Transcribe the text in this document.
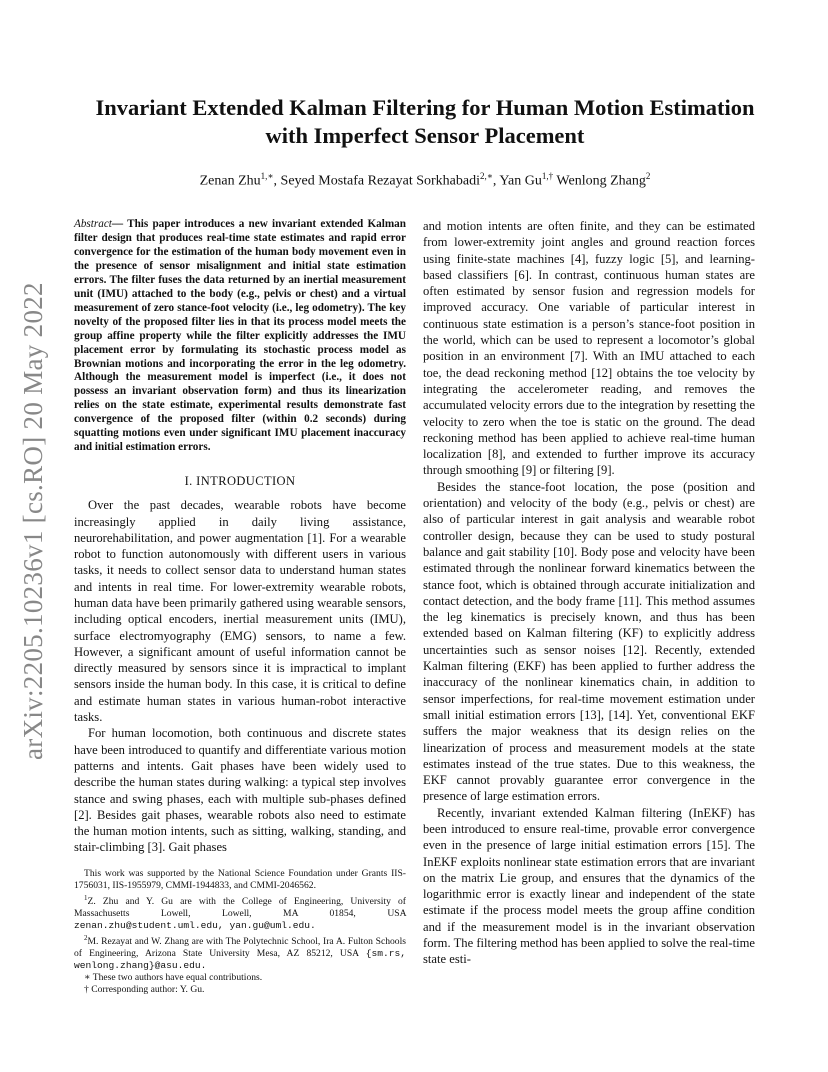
arXiv:2205.10236v1 [cs.RO] 20 May 2022
Invariant Extended Kalman Filtering for Human Motion Estimation
with Imperfect Sensor Placement
Zenan Zhu$^{1,∗}$, Seyed Mostafa Rezayat Sorkhabadi$^{2,∗}$, Yan $Gu^{1,\dagger}$ Wenlong Zhang$^2$

Abstract— This paper introduces a new invariant extended Kalman filter design that produces real-time state estimates and rapid error convergence for the estimation of the human body movement even in the presence of sensor misalignment and initial state estimation errors. The filter fuses the data returned by an inertial measurement unit (IMU) attached to the body (e.g., pelvis or chest) and a virtual measurement of zero stance-foot velocity (i.e., leg odometry). The key novelty of the proposed filter lies in that its process model meets the group affine property while the filter explicitly addresses the IMU placement error by formulating its stochastic process model as Brownian motions and incorporating the error in the leg odometry. Although the measurement model is imperfect (i.e., it does not possess an invariant observation form) and thus its linearization relies on the state estimate, experimental results demonstrate fast convergence of the proposed filter (within 0.2 seconds) during squatting motions even under significant IMU placement inaccuracy and initial estimation errors.

I. INTRODUCTION

Over the past decades, wearable robots have become increasingly applied in daily living assistance, neurorehabilitation, and power augmentation [1]. For a wearable robot to function autonomously with different users in various tasks, it needs to collect sensor data to understand human states and intents in real time. For lower-extremity wearable robots, human data have been primarily gathered using wearable sensors, including optical encoders, inertial measurement units (IMU), surface electromyography (EMG) sensors, to name a few. However, a significant amount of useful information cannot be directly measured by sensors since it is impractical to implant sensors inside the human body. In this case, it is critical to define and estimate human states in various human-robot interactive tasks.

For human locomotion, both continuous and discrete states have been introduced to quantify and differentiate various motion patterns and intents. Gait phases have been widely used to describe the human states during walking: a typical step involves stance and swing phases, each with multiple sub-phases defined [2]. Besides gait phases, wearable robots also need to estimate the human motion intents, such as sitting, walking, standing, and stair-climbing [3]. Gait phases

This work was supported by the National Science Foundation under Grants IIS-1756031, IIS-1955979, CMMI-1944833, and CMMI-2046562.

$^1$Z. Zhu and Y. Gu are with the College of Engineering, University of Massachusetts Lowell, Lowell, MA 01854, USA zenan.zhu@student.uml.edu, yan.gu@uml.edu.

$^2$M. Rezayat and W. Zhang are with The Polytechnic School, Ira A. Fulton Schools of Engineering, Arizona State University Mesa, AZ 85212, USA {sm.rs, wenlong.zhang}@asu.edu.

∗ These two authors have equal contributions.

† Corresponding author: Y. Gu.

and motion intents are often finite, and they can be estimated from lower-extremity joint angles and ground reaction forces using finite-state machines [4], fuzzy logic [5], and learning-based classifiers [6]. In contrast, continuous human states are often estimated by sensor fusion and regression models for improved accuracy. One variable of particular interest in continuous state estimation is a person’s stance-foot position in the world, which can be used to represent a locomotor’s global position in an environment [7]. With an IMU attached to each toe, the dead reckoning method [12] obtains the toe velocity by integrating the accelerometer reading, and removes the accumulated velocity errors due to the integration by resetting the velocity to zero when the toe is static on the ground. The dead reckoning method has been applied to achieve real-time human localization [8], and extended to further improve its accuracy through smoothing [9] or filtering [9].

Besides the stance-foot location, the pose (position and orientation) and velocity of the body (e.g., pelvis or chest) are also of particular interest in gait analysis and wearable robot controller design, because they can be used to study postural balance and gait stability [10]. Body pose and velocity have been estimated through the nonlinear forward kinematics between the stance foot, which is obtained through accurate initialization and contact detection, and the body frame [11]. This method assumes the leg kinematics is precisely known, and thus has been extended based on Kalman filtering (KF) to explicitly address uncertainties such as sensor noises [12]. Recently, extended Kalman filtering (EKF) has been applied to further address the inaccuracy of the nonlinear kinematics chain, in addition to sensor imperfections, for real-time movement estimation under small initial estimation errors [13], [14]. Yet, conventional EKF suffers the major weakness that its design relies on the linearization of process and measurement models at the state estimates instead of the true states. Due to this weakness, the EKF cannot provably guarantee error convergence in the presence of large estimation errors.

Recently, invariant extended Kalman filtering (InEKF) has been introduced to ensure real-time, provable error convergence even in the presence of large initial estimation errors [15]. The InEKF exploits nonlinear state estimation errors that are invariant on the matrix Lie group, and ensures that the dynamics of the logarithmic error is exactly linear and independent of the state estimate if the process model meets the group affine condition and if the measurement model is in the invariant observation form. The filtering method has been applied to solve the real-time state esti-
